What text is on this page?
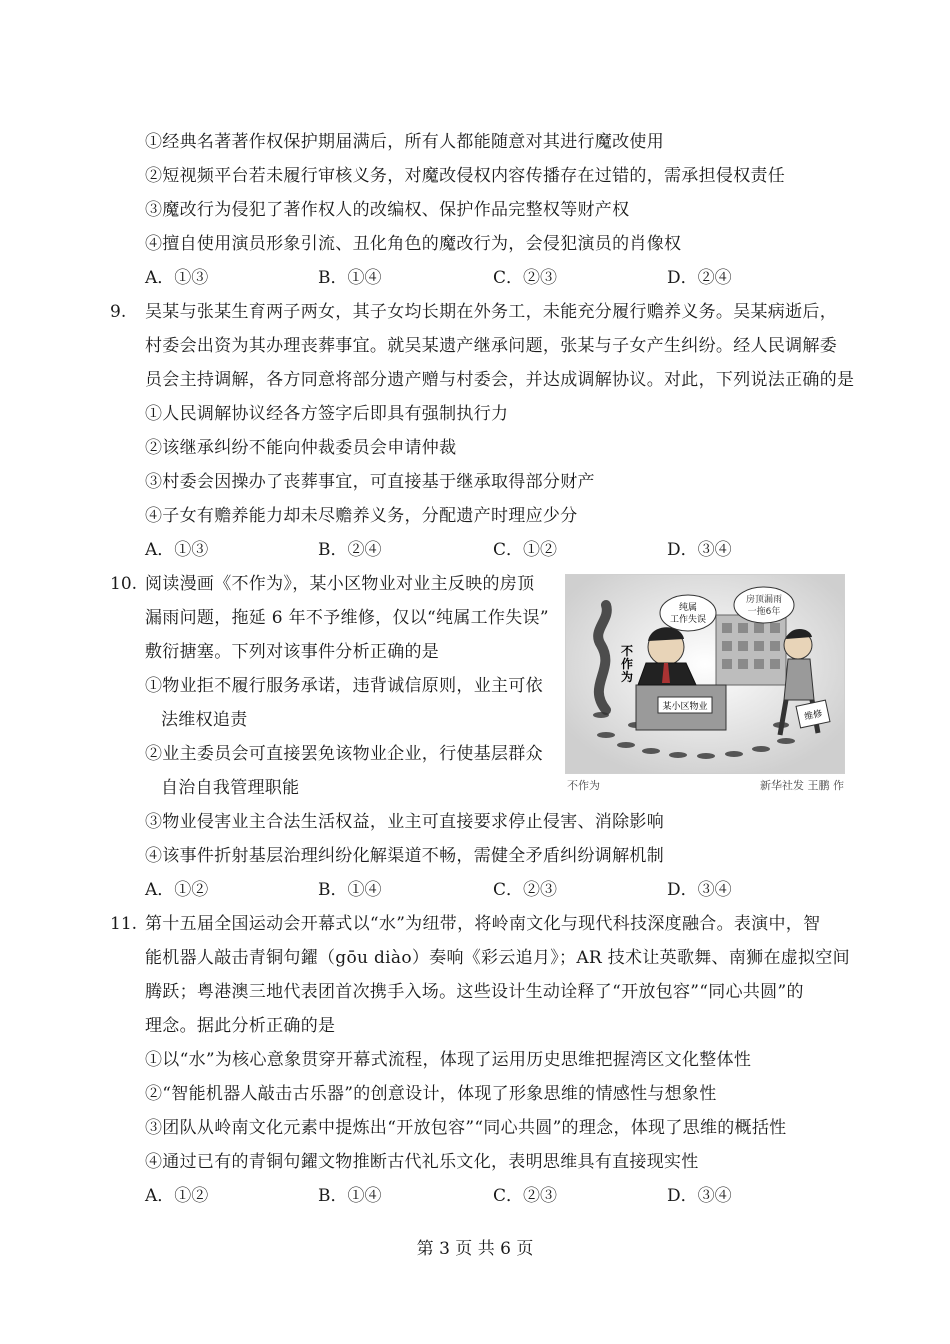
①经典名著著作权保护期届满后，所有人都能随意对其进行魔改使用
②短视频平台若未履行审核义务，对魔改侵权内容传播存在过错的，需承担侵权责任
③魔改行为侵犯了著作权人的改编权、保护作品完整权等财产权
④擅自使用演员形象引流、丑化角色的魔改行为，会侵犯演员的肖像权
A．①③	B．①④	C．②③	D．②④
9. 吴某与张某生育两子两女，其子女均长期在外务工，未能充分履行赡养义务。吴某病逝后，
村委会出资为其办理丧葬事宜。就吴某遗产继承问题，张某与子女产生纠纷。经人民调解委
员会主持调解，各方同意将部分遗产赠与村委会，并达成调解协议。对此，下列说法正确的是
①人民调解协议经各方签字后即具有强制执行力
②该继承纠纷不能向仲裁委员会申请仲裁
③村委会因操办了丧葬事宜，可直接基于继承取得部分财产
④子女有赡养能力却未尽赡养义务，分配遗产时理应少分
A．①③	B．②④	C．①②	D．③④
10. 阅读漫画《不作为》，某小区物业对业主反映的房顶
漏雨问题，拖延 6 年不予维修，仅以“纯属工作失误”
敷衍搪塞。下列对该事件分析正确的是
①物业拒不履行服务承诺，违背诚信原则，业主可依
法维权追责
②业主委员会可直接罢免该物业企业，行使基层群众
自治自我管理职能
③物业侵害业主合法生活权益，业主可直接要求停止侵害、消除影响
④该事件折射基层治理纠纷化解渠道不畅，需健全矛盾纠纷调解机制
A．①②	B．①④	C．②③	D．③④
纯属
工作失误
房顶漏雨
一拖6年
不作为
某小区物业
维修
不作为	新华社发 王鹏 作
11. 第十五届全国运动会开幕式以“水”为纽带，将岭南文化与现代科技深度融合。表演中，智
能机器人敲击青铜句鑃（gōu diào）奏响《彩云追月》；AR 技术让英歌舞、南狮在虚拟空间
腾跃；粤港澳三地代表团首次携手入场。这些设计生动诠释了“开放包容”“同心共圆”的
理念。据此分析正确的是
①以“水”为核心意象贯穿开幕式流程，体现了运用历史思维把握湾区文化整体性
②“智能机器人敲击古乐器”的创意设计，体现了形象思维的情感性与想象性
③团队从岭南文化元素中提炼出“开放包容”“同心共圆”的理念，体现了思维的概括性
④通过已有的青铜句鑃文物推断古代礼乐文化，表明思维具有直接现实性
A．①②	B．①④	C．②③	D．③④
第 3 页 共 6 页
